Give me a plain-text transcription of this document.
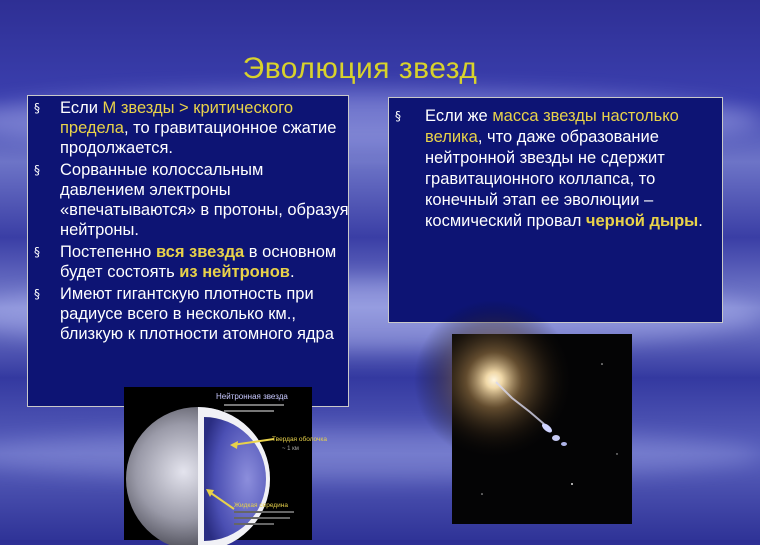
Эволюция звезд
§ Если М звезды > критического предела, то гравитационное сжатие продолжается.
§ Сорванные колоссальным давлением электроны «впечатываются» в протоны, образуя нейтроны.
§ Постепенно вся звезда в основном будет состоять из нейтронов.
§ Имеют гигантскую плотность при радиусе всего в несколько км., близкую к плотности атомного ядра
§ Если же масса звезды настолько велика, что даже образование нейтронной звезды не сдержит гравитационного коллапса, то конечный этап ее эволюции – космический провал черной дыры.
Нейтронная звезда
Твердая оболочка
~ 1 км
Жидкая середина
